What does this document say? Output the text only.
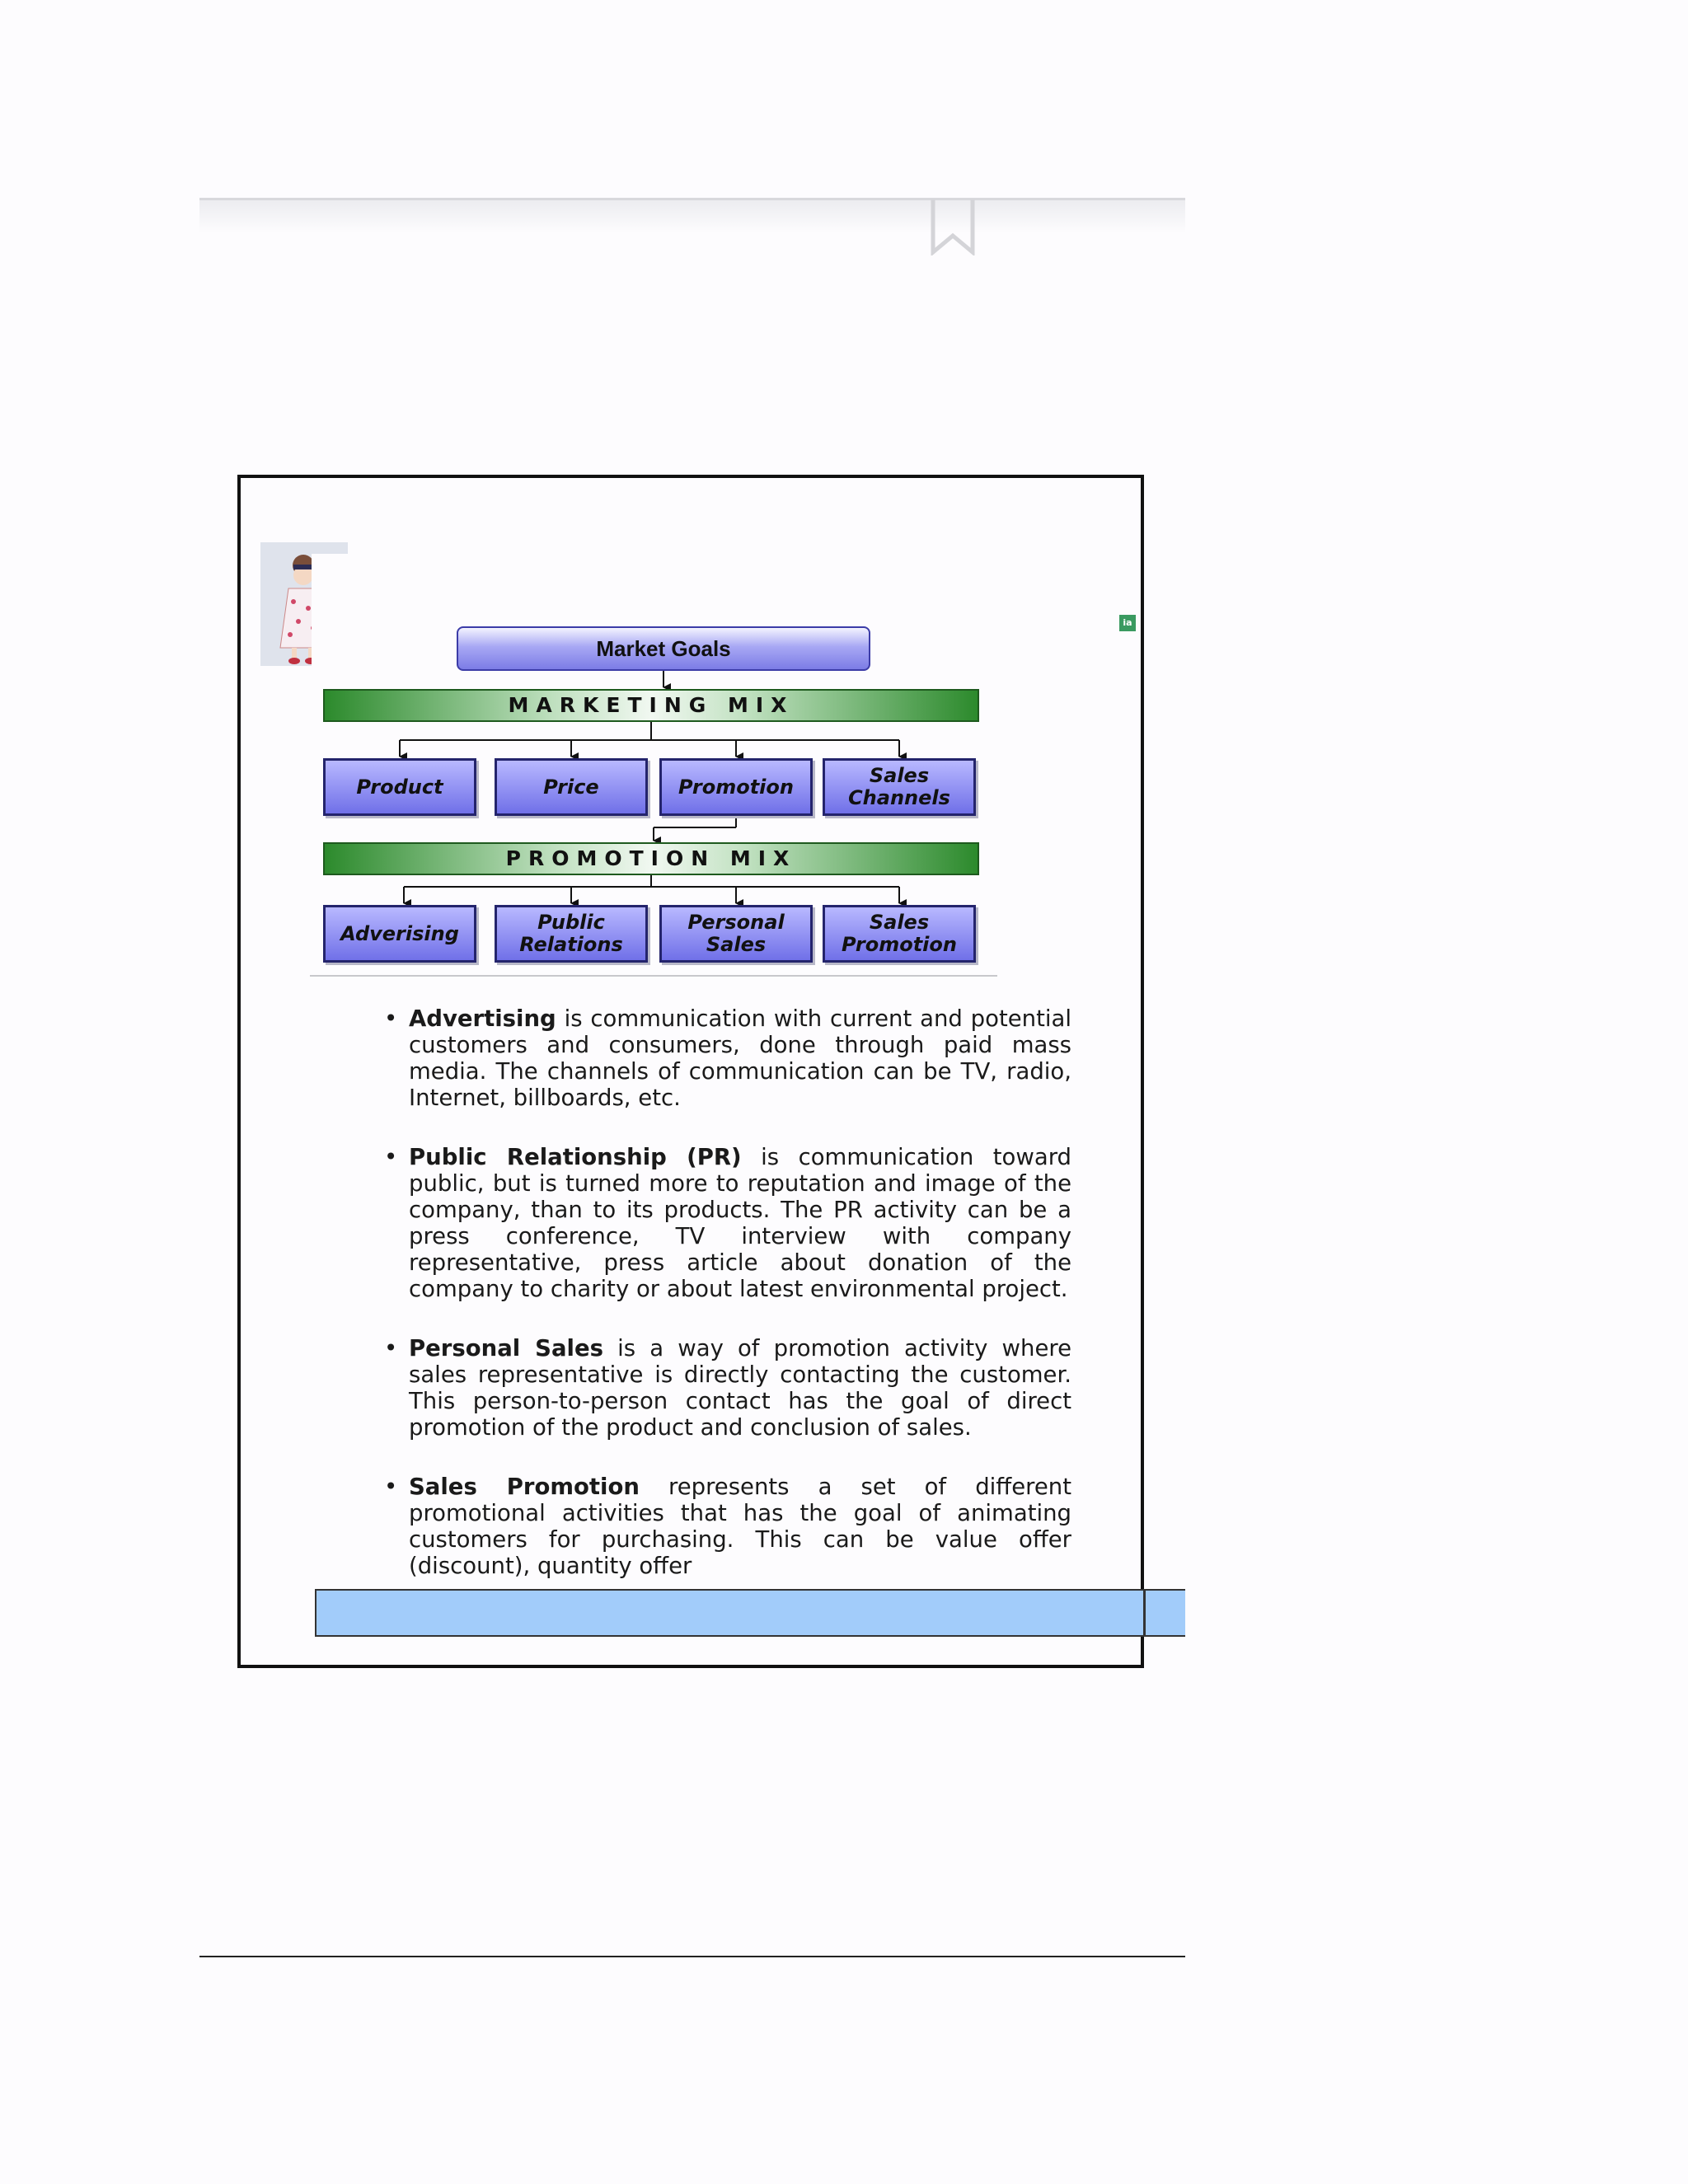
ia
Market Goals
MARKETING MIX
Product	Price	Promotion	Sales
Channels
PROMOTION MIX
Adverising	Public
Relations
Personal
Sales
Sales
Promotion
• Advertising is communication with current and potential customers and consumers, done through paid mass media. The channels of communication can be TV, radio, Internet, billboards, etc.
• Public Relationship (PR) is communication toward public, but is turned more to reputation and image of the company, than to its products. The PR activity can be a press conference, TV interview with company representative, press article about donation of the company to charity or about latest environmental project.
• Personal Sales is a way of promotion activity where sales representative is directly contacting the customer. This person-to-person contact has the goal of direct promotion of the product and conclusion of sales.
• Sales Promotion represents a set of different promotional activities that has the goal of animating customers for purchasing. This can be value offer (discount), quantity offer
